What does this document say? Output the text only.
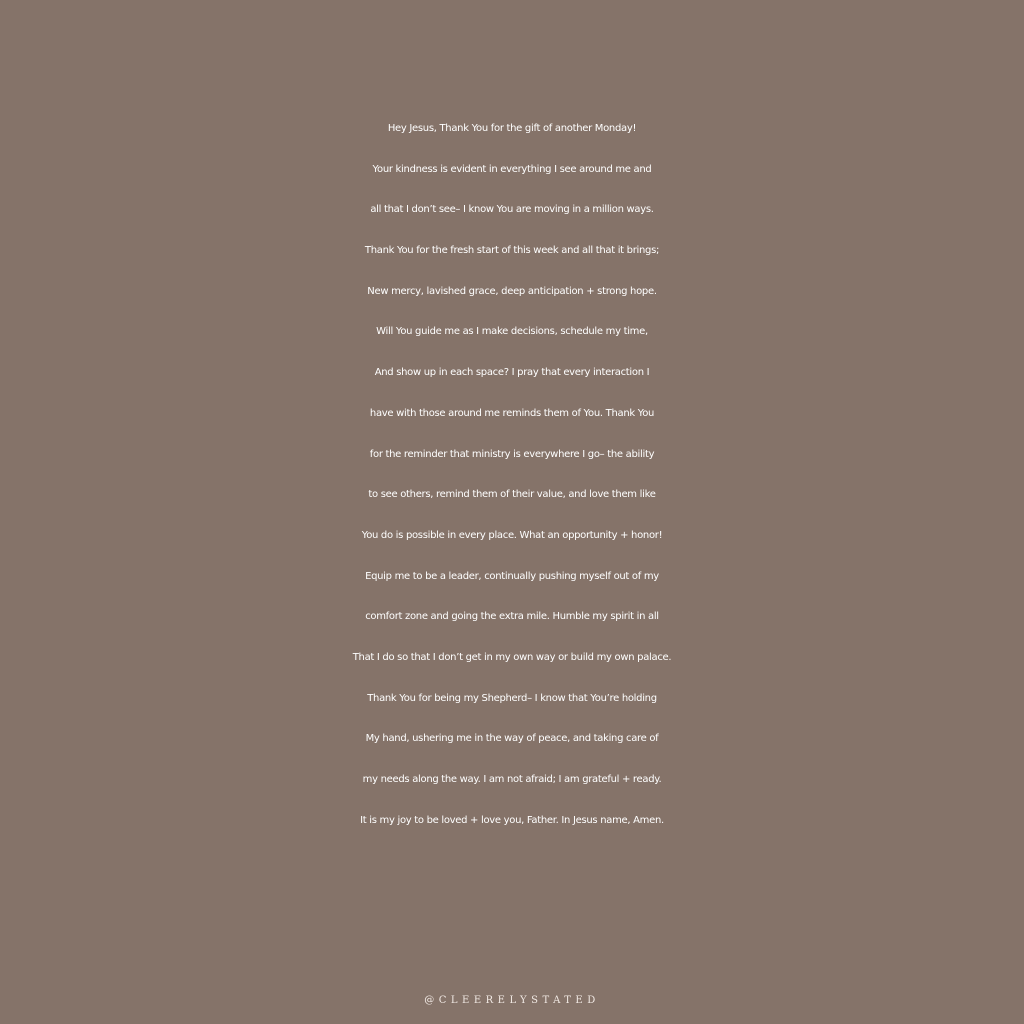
Hey Jesus, Thank You for the gift of another Monday!
Your kindness is evident in everything I see around me and
all that I don’t see– I know You are moving in a million ways.
Thank You for the fresh start of this week and all that it brings;
New mercy, lavished grace, deep anticipation + strong hope.
Will You guide me as I make decisions, schedule my time,
And show up in each space? I pray that every interaction I
have with those around me reminds them of You. Thank You
for the reminder that ministry is everywhere I go– the ability
to see others, remind them of their value, and love them like
You do is possible in every place. What an opportunity + honor!
Equip me to be a leader, continually pushing myself out of my
comfort zone and going the extra mile. Humble my spirit in all
That I do so that I don’t get in my own way or build my own palace.
Thank You for being my Shepherd– I know that You’re holding
My hand, ushering me in the way of peace, and taking care of
my needs along the way. I am not afraid; I am grateful + ready.
It is my joy to be loved + love you, Father. In Jesus name, Amen.
@CLEERELYSTATED
